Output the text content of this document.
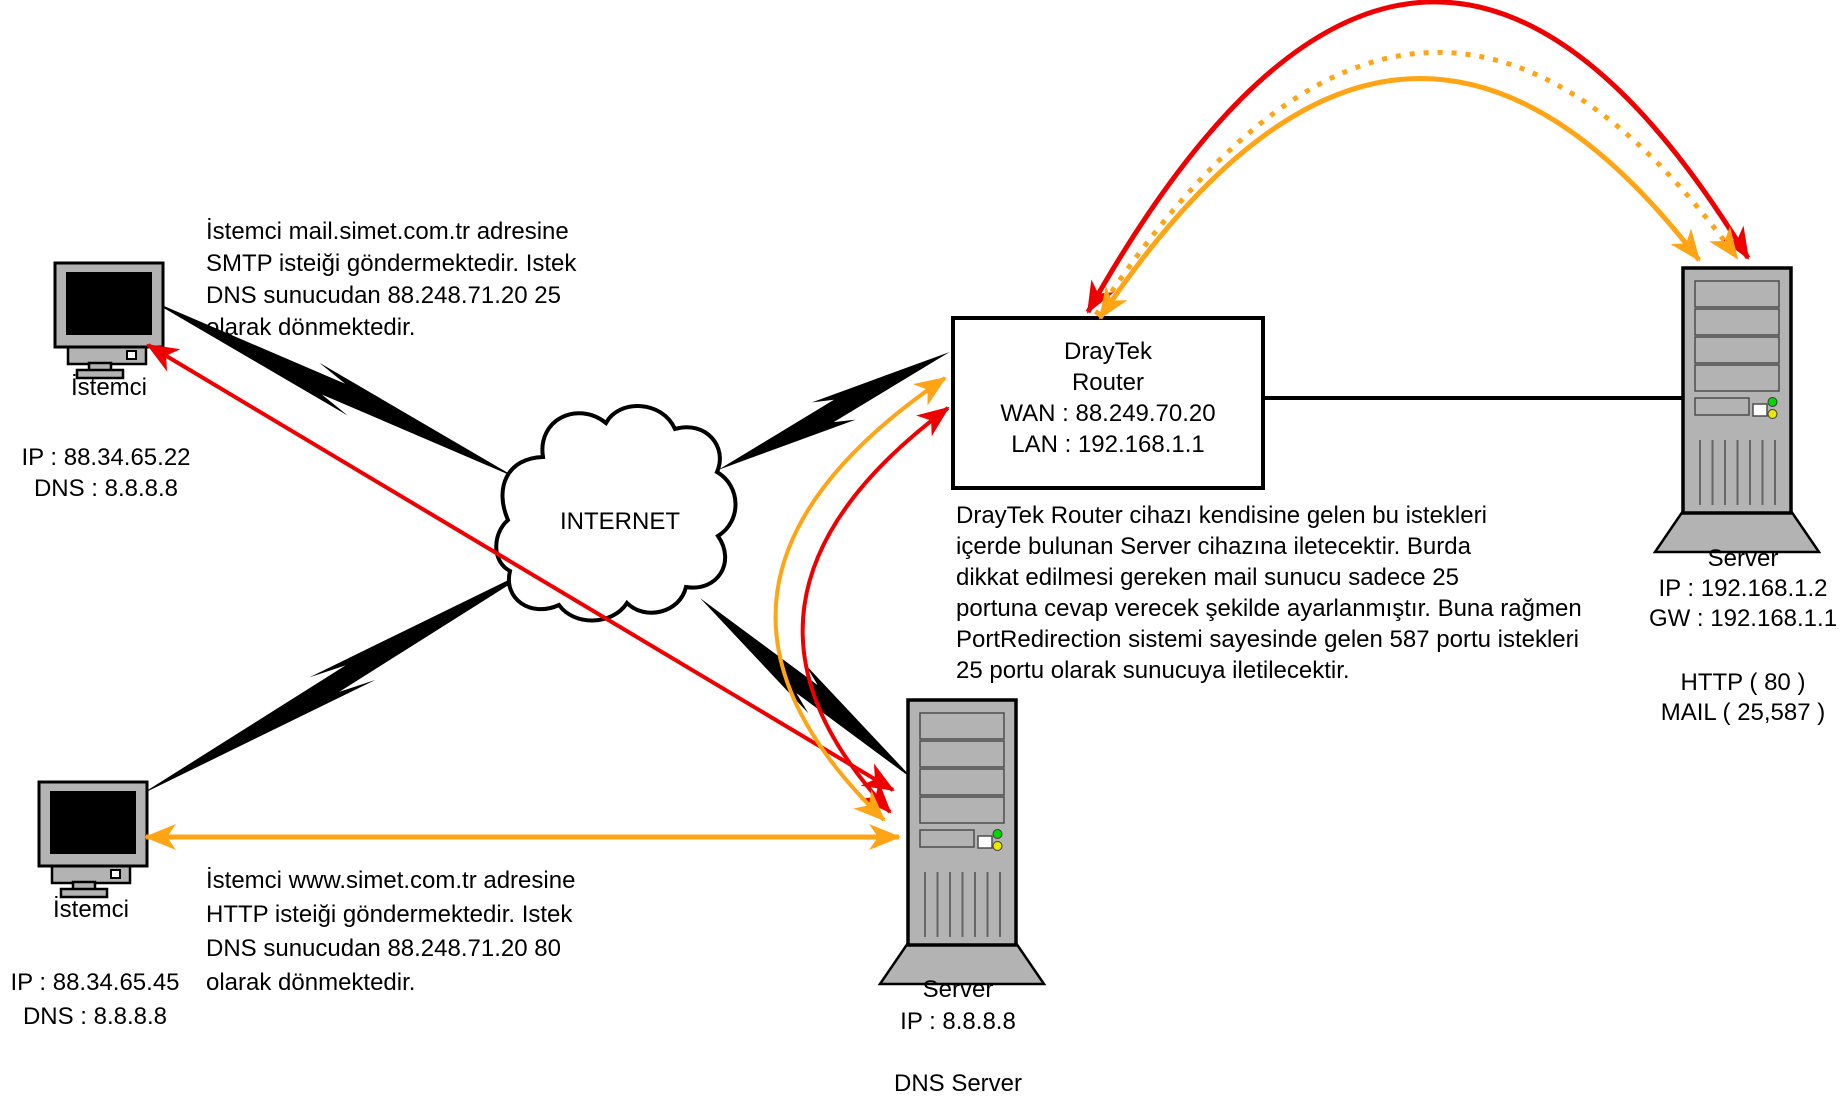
İstemci mail.simet.com.tr adresine
SMTP isteiği göndermektedir. Istek
DNS sunucudan 88.248.71.20 25
olarak dönmektedir.
İstemci www.simet.com.tr adresine
HTTP isteiği göndermektedir. Istek
DNS sunucudan 88.248.71.20 80
olarak dönmektedir.
DrayTek Router cihazı kendisine gelen bu istekleri
içerde bulunan Server cihazına iletecektir. Burda
dikkat edilmesi gereken mail sunucu sadece 25
portuna cevap verecek şekilde ayarlanmıştır. Buna rağmen
PortRedirection sistemi sayesinde gelen 587 portu istekleri
25 portu olarak sunucuya iletilecektir.
DrayTek
Router
WAN : 88.249.70.20
LAN : 192.168.1.1
İstemci
IP : 88.34.65.22
DNS : 8.8.8.8
İstemci
IP : 88.34.65.45
DNS : 8.8.8.8
INTERNET
Server
IP : 8.8.8.8
DNS Server
Server
IP : 192.168.1.2
GW : 192.168.1.1
HTTP ( 80 )
MAIL ( 25,587 )
